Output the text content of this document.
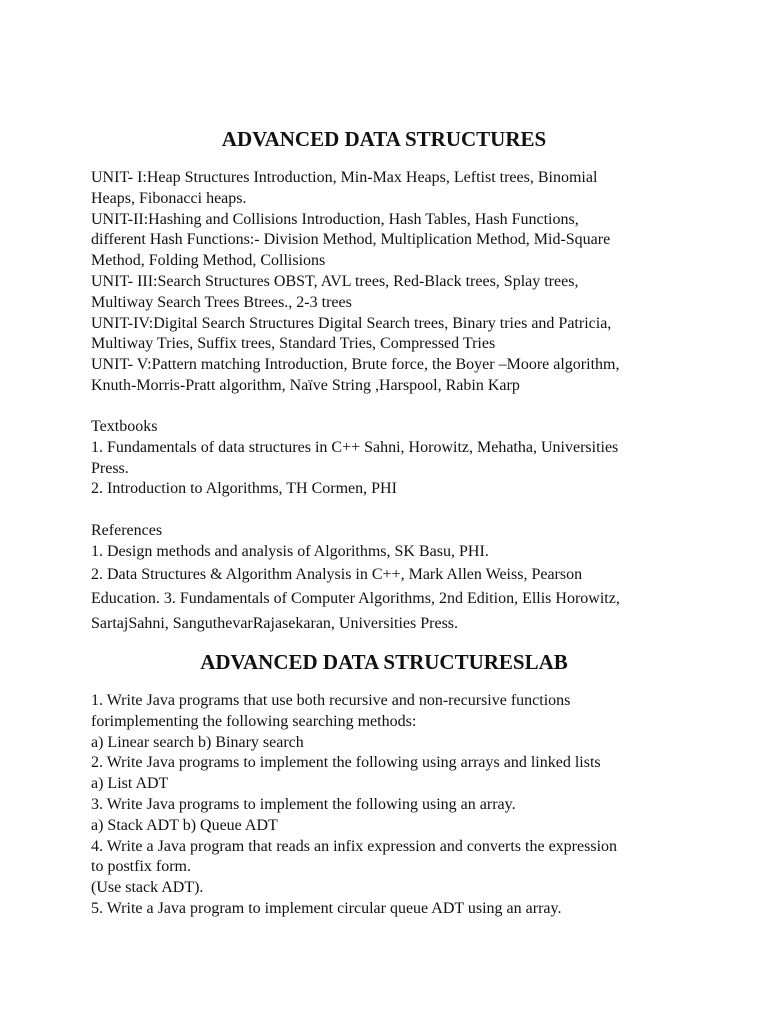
ADVANCED DATA STRUCTURES
UNIT- I:Heap Structures Introduction, Min-Max Heaps, Leftist trees, Binomial
Heaps, Fibonacci heaps.
UNIT-II:Hashing and Collisions Introduction, Hash Tables, Hash Functions,
different Hash Functions:- Division Method, Multiplication Method, Mid-Square
Method, Folding Method, Collisions
UNIT- III:Search Structures OBST, AVL trees, Red-Black trees, Splay trees,
Multiway Search Trees Btrees., 2-3 trees
UNIT-IV:Digital Search Structures Digital Search trees, Binary tries and Patricia,
Multiway Tries, Suffix trees, Standard Tries, Compressed Tries
UNIT- V:Pattern matching Introduction, Brute force, the Boyer –Moore algorithm,
Knuth-Morris-Pratt algorithm, Naïve String ,Harspool, Rabin Karp
Textbooks
1. Fundamentals of data structures in C++ Sahni, Horowitz, Mehatha, Universities
Press.
2. Introduction to Algorithms, TH Cormen, PHI
References
1. Design methods and analysis of Algorithms, SK Basu, PHI.
2. Data Structures & Algorithm Analysis in C++, Mark Allen Weiss, Pearson
Education. 3. Fundamentals of Computer Algorithms, 2nd Edition, Ellis Horowitz,
SartajSahni, SanguthevarRajasekaran, Universities Press.
ADVANCED DATA STRUCTURESLAB
1. Write Java programs that use both recursive and non-recursive functions
forimplementing the following searching methods:
a) Linear search b) Binary search
2. Write Java programs to implement the following using arrays and linked lists
a) List ADT
3. Write Java programs to implement the following using an array.
a) Stack ADT b) Queue ADT
4. Write a Java program that reads an infix expression and converts the expression
to postfix form.
(Use stack ADT).
5. Write a Java program to implement circular queue ADT using an array.
